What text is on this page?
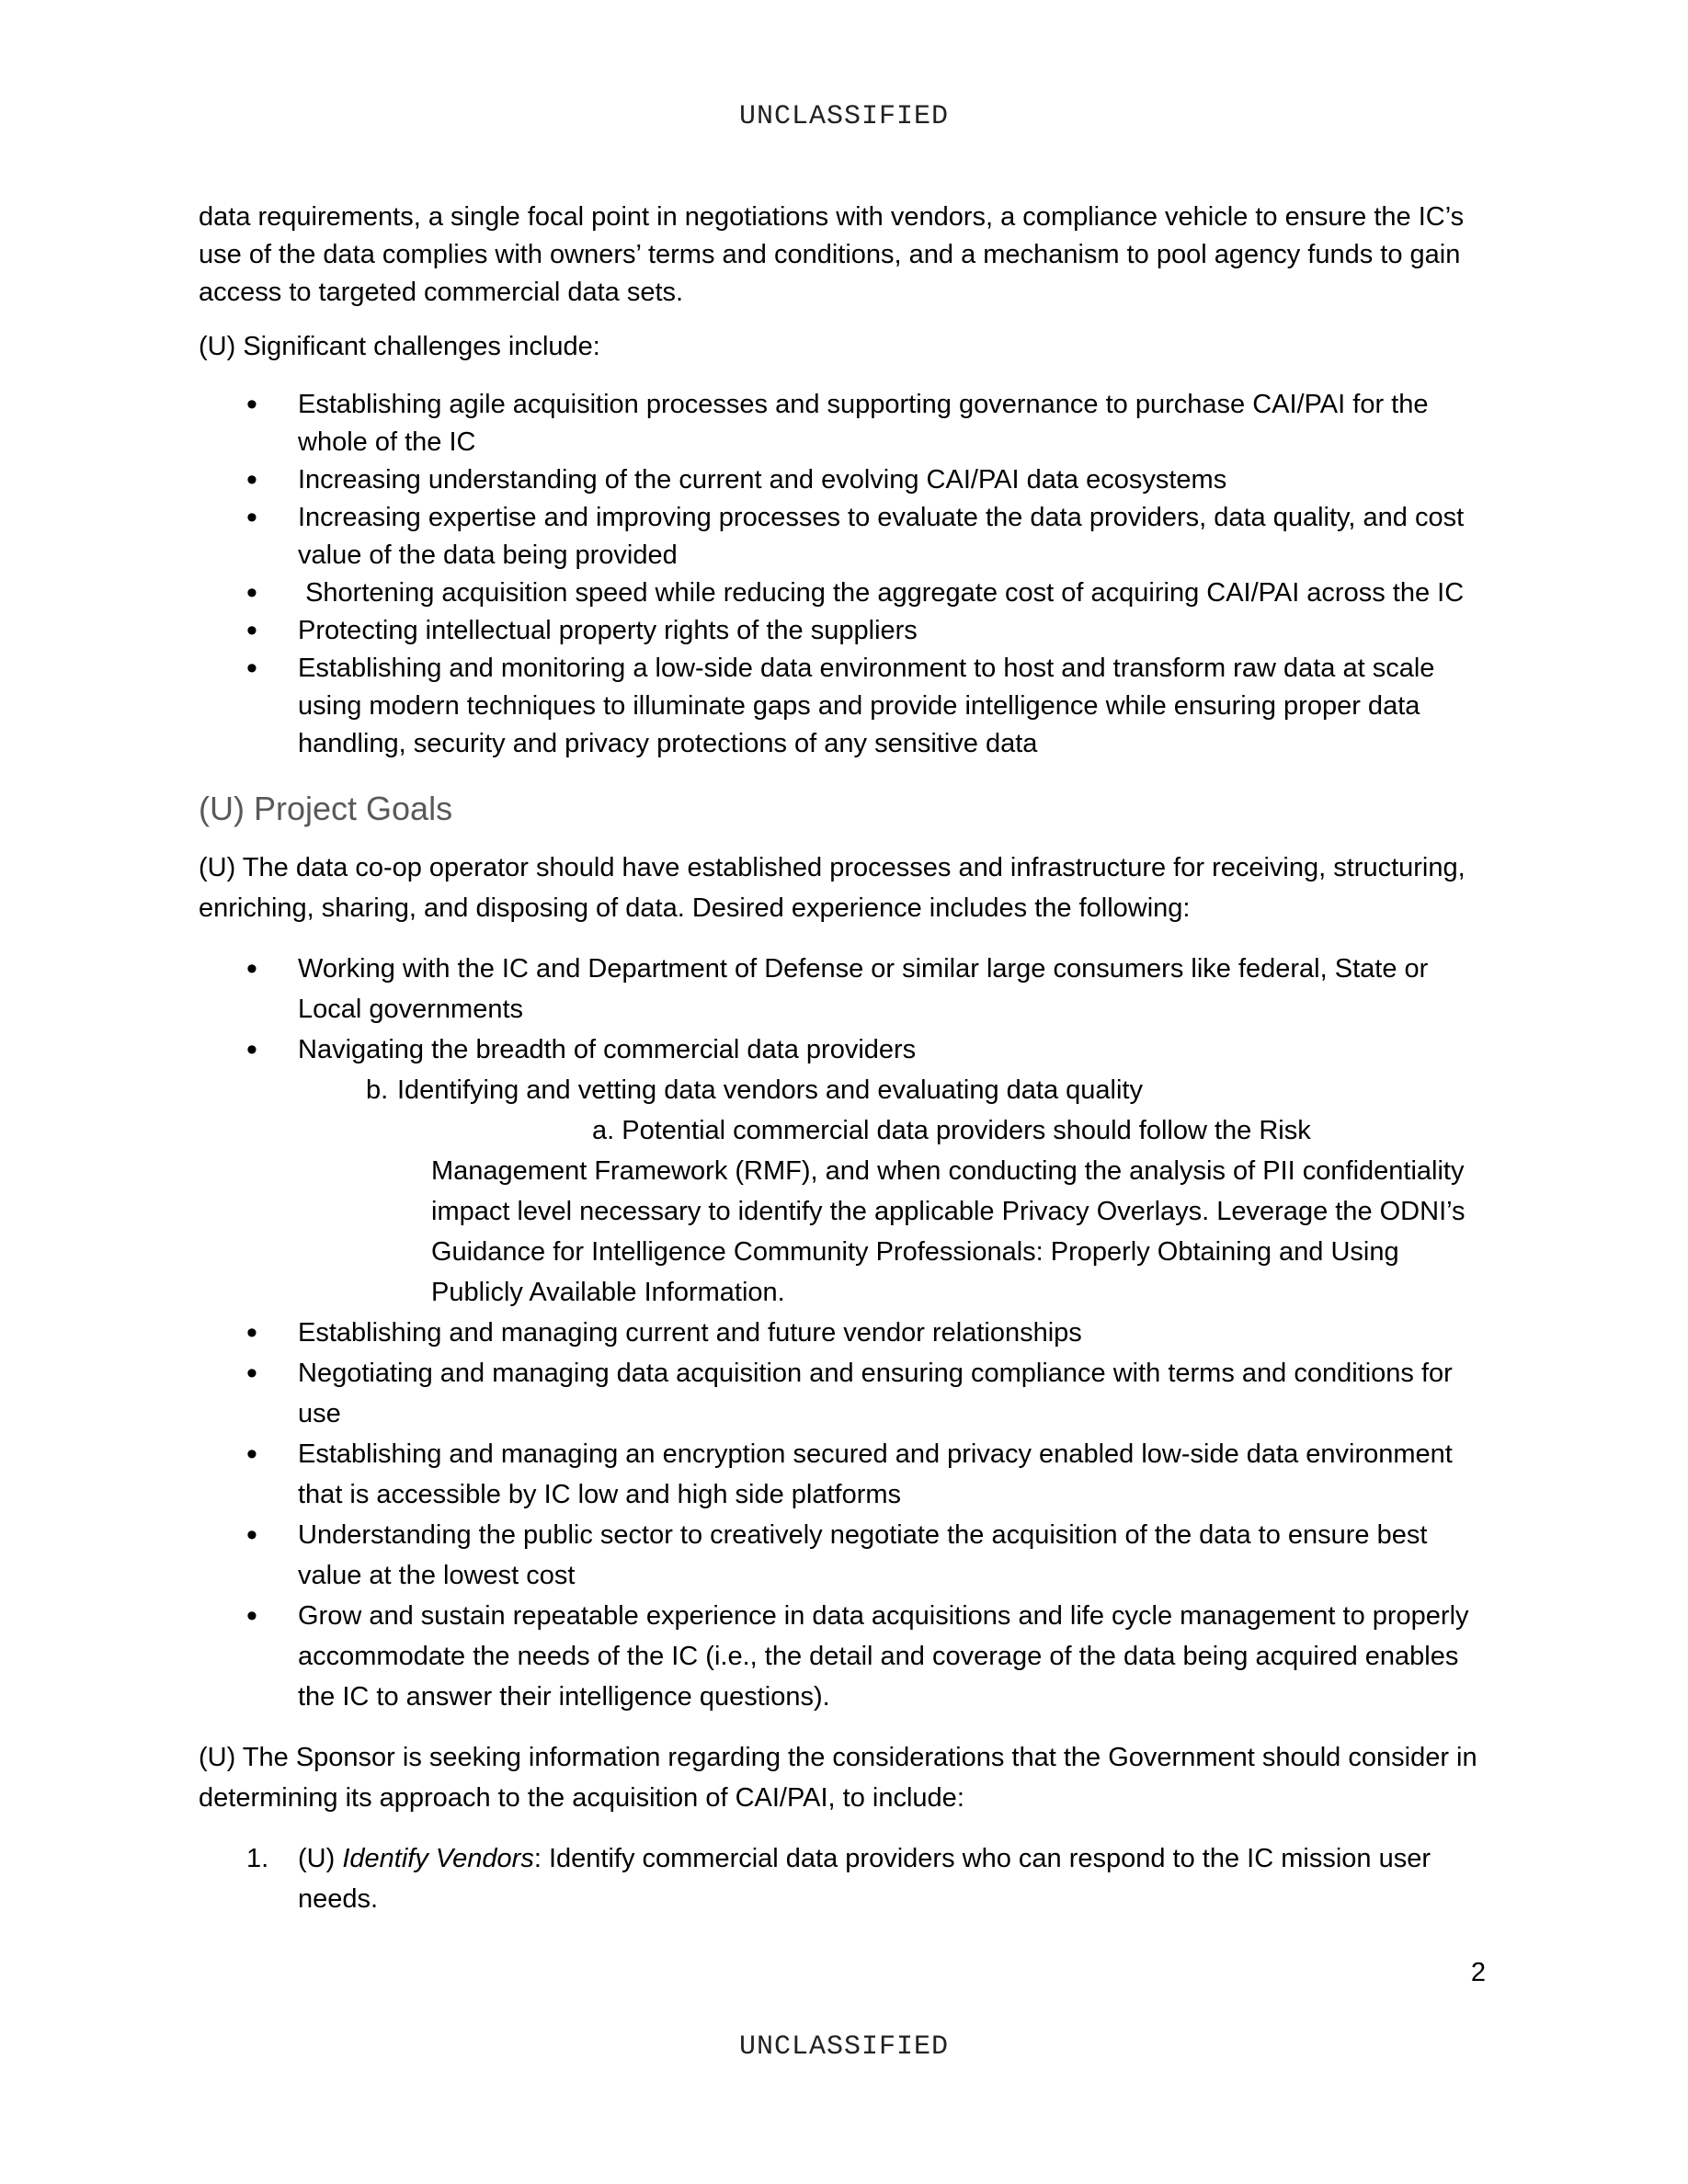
UNCLASSIFIED

data requirements, a single focal point in negotiations with vendors, a compliance vehicle to ensure the IC’s use of the data complies with owners’ terms and conditions, and a mechanism to pool agency funds to gain access to targeted commercial data sets.

(U) Significant challenges include:

• Establishing agile acquisition processes and supporting governance to purchase CAI/PAI for the whole of the IC
• Increasing understanding of the current and evolving CAI/PAI data ecosystems
• Increasing expertise and improving processes to evaluate the data providers, data quality, and cost value of the data being provided
•  Shortening acquisition speed while reducing the aggregate cost of acquiring CAI/PAI across the IC
• Protecting intellectual property rights of the suppliers
• Establishing and monitoring a low-side data environment to host and transform raw data at scale using modern techniques to illuminate gaps and provide intelligence while ensuring proper data handling, security and privacy protections of any sensitive data
(U) Project Goals

(U) The data co-op operator should have established processes and infrastructure for receiving, structuring, enriching, sharing, and disposing of data. Desired experience includes the following:

• Working with the IC and Department of Defense or similar large consumers like federal, State or Local governments
• Navigating the breadth of commercial data providers
b. Identifying and vetting data vendors and evaluating data quality
a. Potential commercial data providers should follow the Risk
Management Framework (RMF), and when conducting the analysis of PII confidentiality impact level necessary to identify the applicable Privacy Overlays. Leverage the ODNI’s Guidance for Intelligence Community Professionals: Properly Obtaining and Using Publicly Available Information.
• Establishing and managing current and future vendor relationships
• Negotiating and managing data acquisition and ensuring compliance with terms and conditions for use
• Establishing and managing an encryption secured and privacy enabled low-side data environment that is accessible by IC low and high side platforms
• Understanding the public sector to creatively negotiate the acquisition of the data to ensure best value at the lowest cost
• Grow and sustain repeatable experience in data acquisitions and life cycle management to properly accommodate the needs of the IC (i.e., the detail and coverage of the data being acquired enables the IC to answer their intelligence questions).

(U) The Sponsor is seeking information regarding the considerations that the Government should consider in determining its approach to the acquisition of CAI/PAI, to include:

1. (U) Identify Vendors: Identify commercial data providers who can respond to the IC mission user needs.
2
UNCLASSIFIED
